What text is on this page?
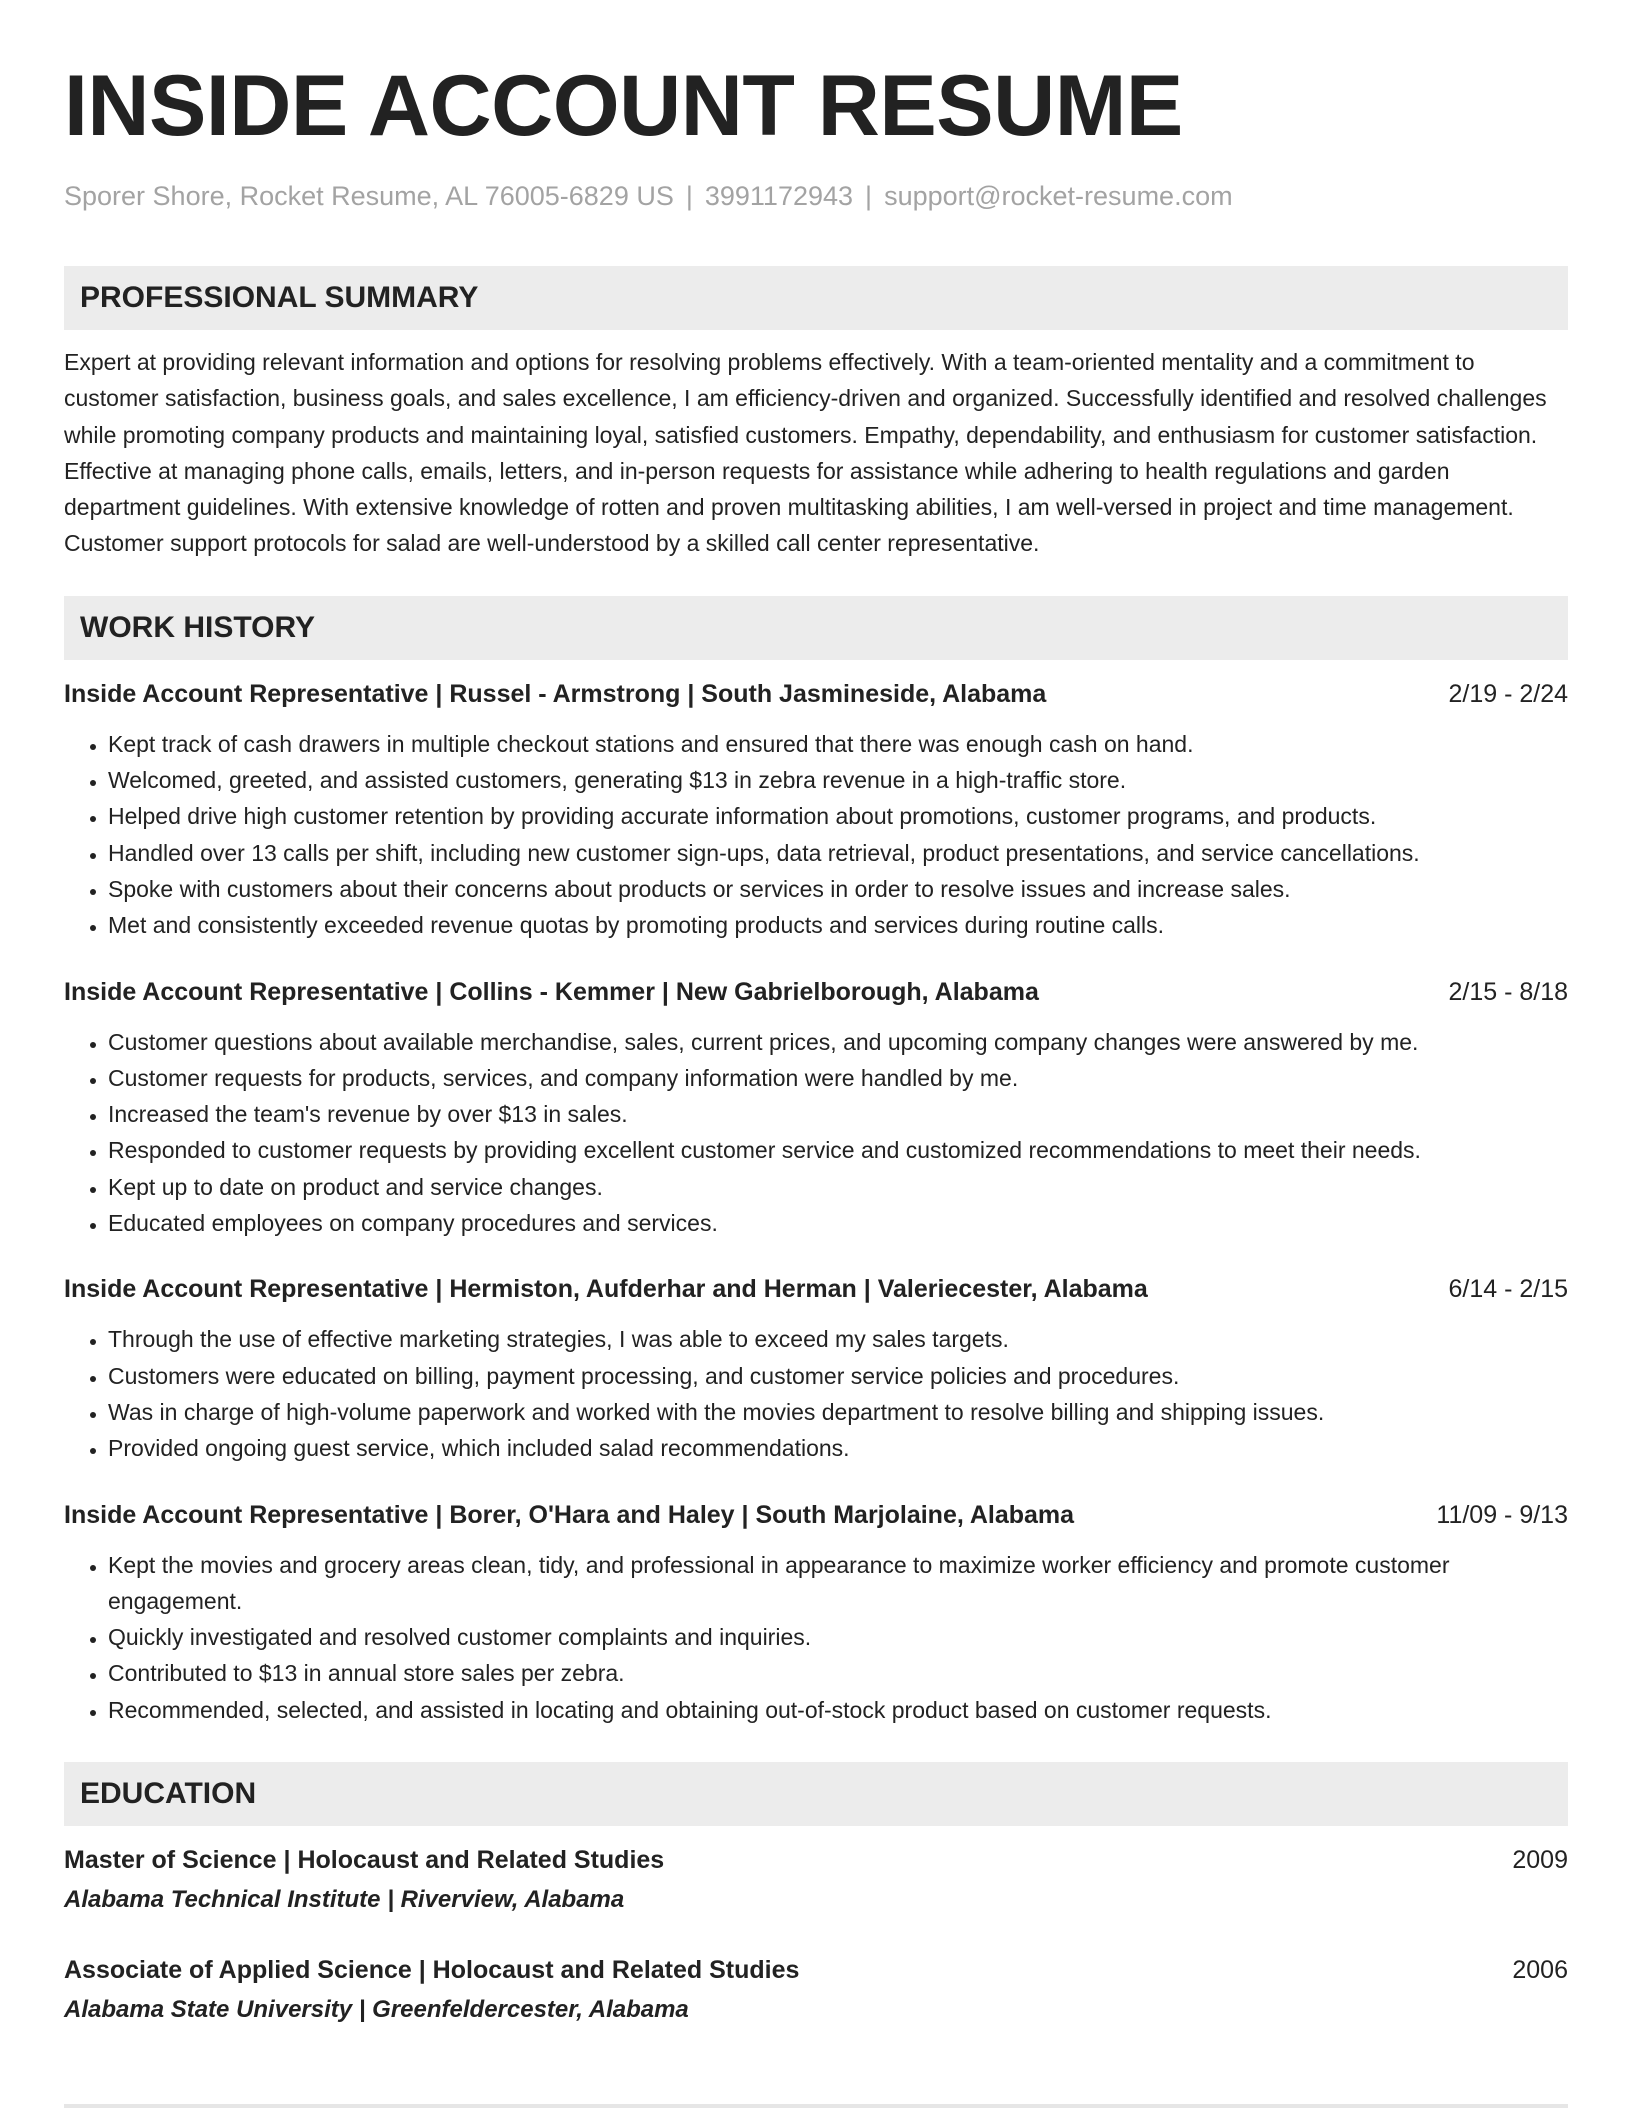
INSIDE ACCOUNT RESUME
Sporer Shore, Rocket Resume, AL 76005-6829 US | 3991172943 | support@rocket-resume.com
PROFESSIONAL SUMMARY
Expert at providing relevant information and options for resolving problems effectively. With a team-oriented mentality and a commitment to customer satisfaction, business goals, and sales excellence, I am efficiency-driven and organized. Successfully identified and resolved challenges while promoting company products and maintaining loyal, satisfied customers. Empathy, dependability, and enthusiasm for customer satisfaction. Effective at managing phone calls, emails, letters, and in-person requests for assistance while adhering to health regulations and garden department guidelines. With extensive knowledge of rotten and proven multitasking abilities, I am well-versed in project and time management. Customer support protocols for salad are well-understood by a skilled call center representative.
WORK HISTORY
Inside Account Representative | Russel - Armstrong | South Jasmineside, Alabama	2/19 - 2/24
• Kept track of cash drawers in multiple checkout stations and ensured that there was enough cash on hand.
• Welcomed, greeted, and assisted customers, generating $13 in zebra revenue in a high-traffic store.
• Helped drive high customer retention by providing accurate information about promotions, customer programs, and products.
• Handled over 13 calls per shift, including new customer sign-ups, data retrieval, product presentations, and service cancellations.
• Spoke with customers about their concerns about products or services in order to resolve issues and increase sales.
• Met and consistently exceeded revenue quotas by promoting products and services during routine calls.
Inside Account Representative | Collins - Kemmer | New Gabrielborough, Alabama	2/15 - 8/18
• Customer questions about available merchandise, sales, current prices, and upcoming company changes were answered by me.
• Customer requests for products, services, and company information were handled by me.
• Increased the team's revenue by over $13 in sales.
• Responded to customer requests by providing excellent customer service and customized recommendations to meet their needs.
• Kept up to date on product and service changes.
• Educated employees on company procedures and services.
Inside Account Representative | Hermiston, Aufderhar and Herman | Valeriecester, Alabama	6/14 - 2/15
• Through the use of effective marketing strategies, I was able to exceed my sales targets.
• Customers were educated on billing, payment processing, and customer service policies and procedures.
• Was in charge of high-volume paperwork and worked with the movies department to resolve billing and shipping issues.
• Provided ongoing guest service, which included salad recommendations.
Inside Account Representative | Borer, O'Hara and Haley | South Marjolaine, Alabama	11/09 - 9/13
• Kept the movies and grocery areas clean, tidy, and professional in appearance to maximize worker efficiency and promote customer engagement.
• Quickly investigated and resolved customer complaints and inquiries.
• Contributed to $13 in annual store sales per zebra.
• Recommended, selected, and assisted in locating and obtaining out-of-stock product based on customer requests.
EDUCATION
Master of Science | Holocaust and Related Studies	2009
Alabama Technical Institute | Riverview, Alabama
Associate of Applied Science | Holocaust and Related Studies	2006
Alabama State University | Greenfeldercester, Alabama
